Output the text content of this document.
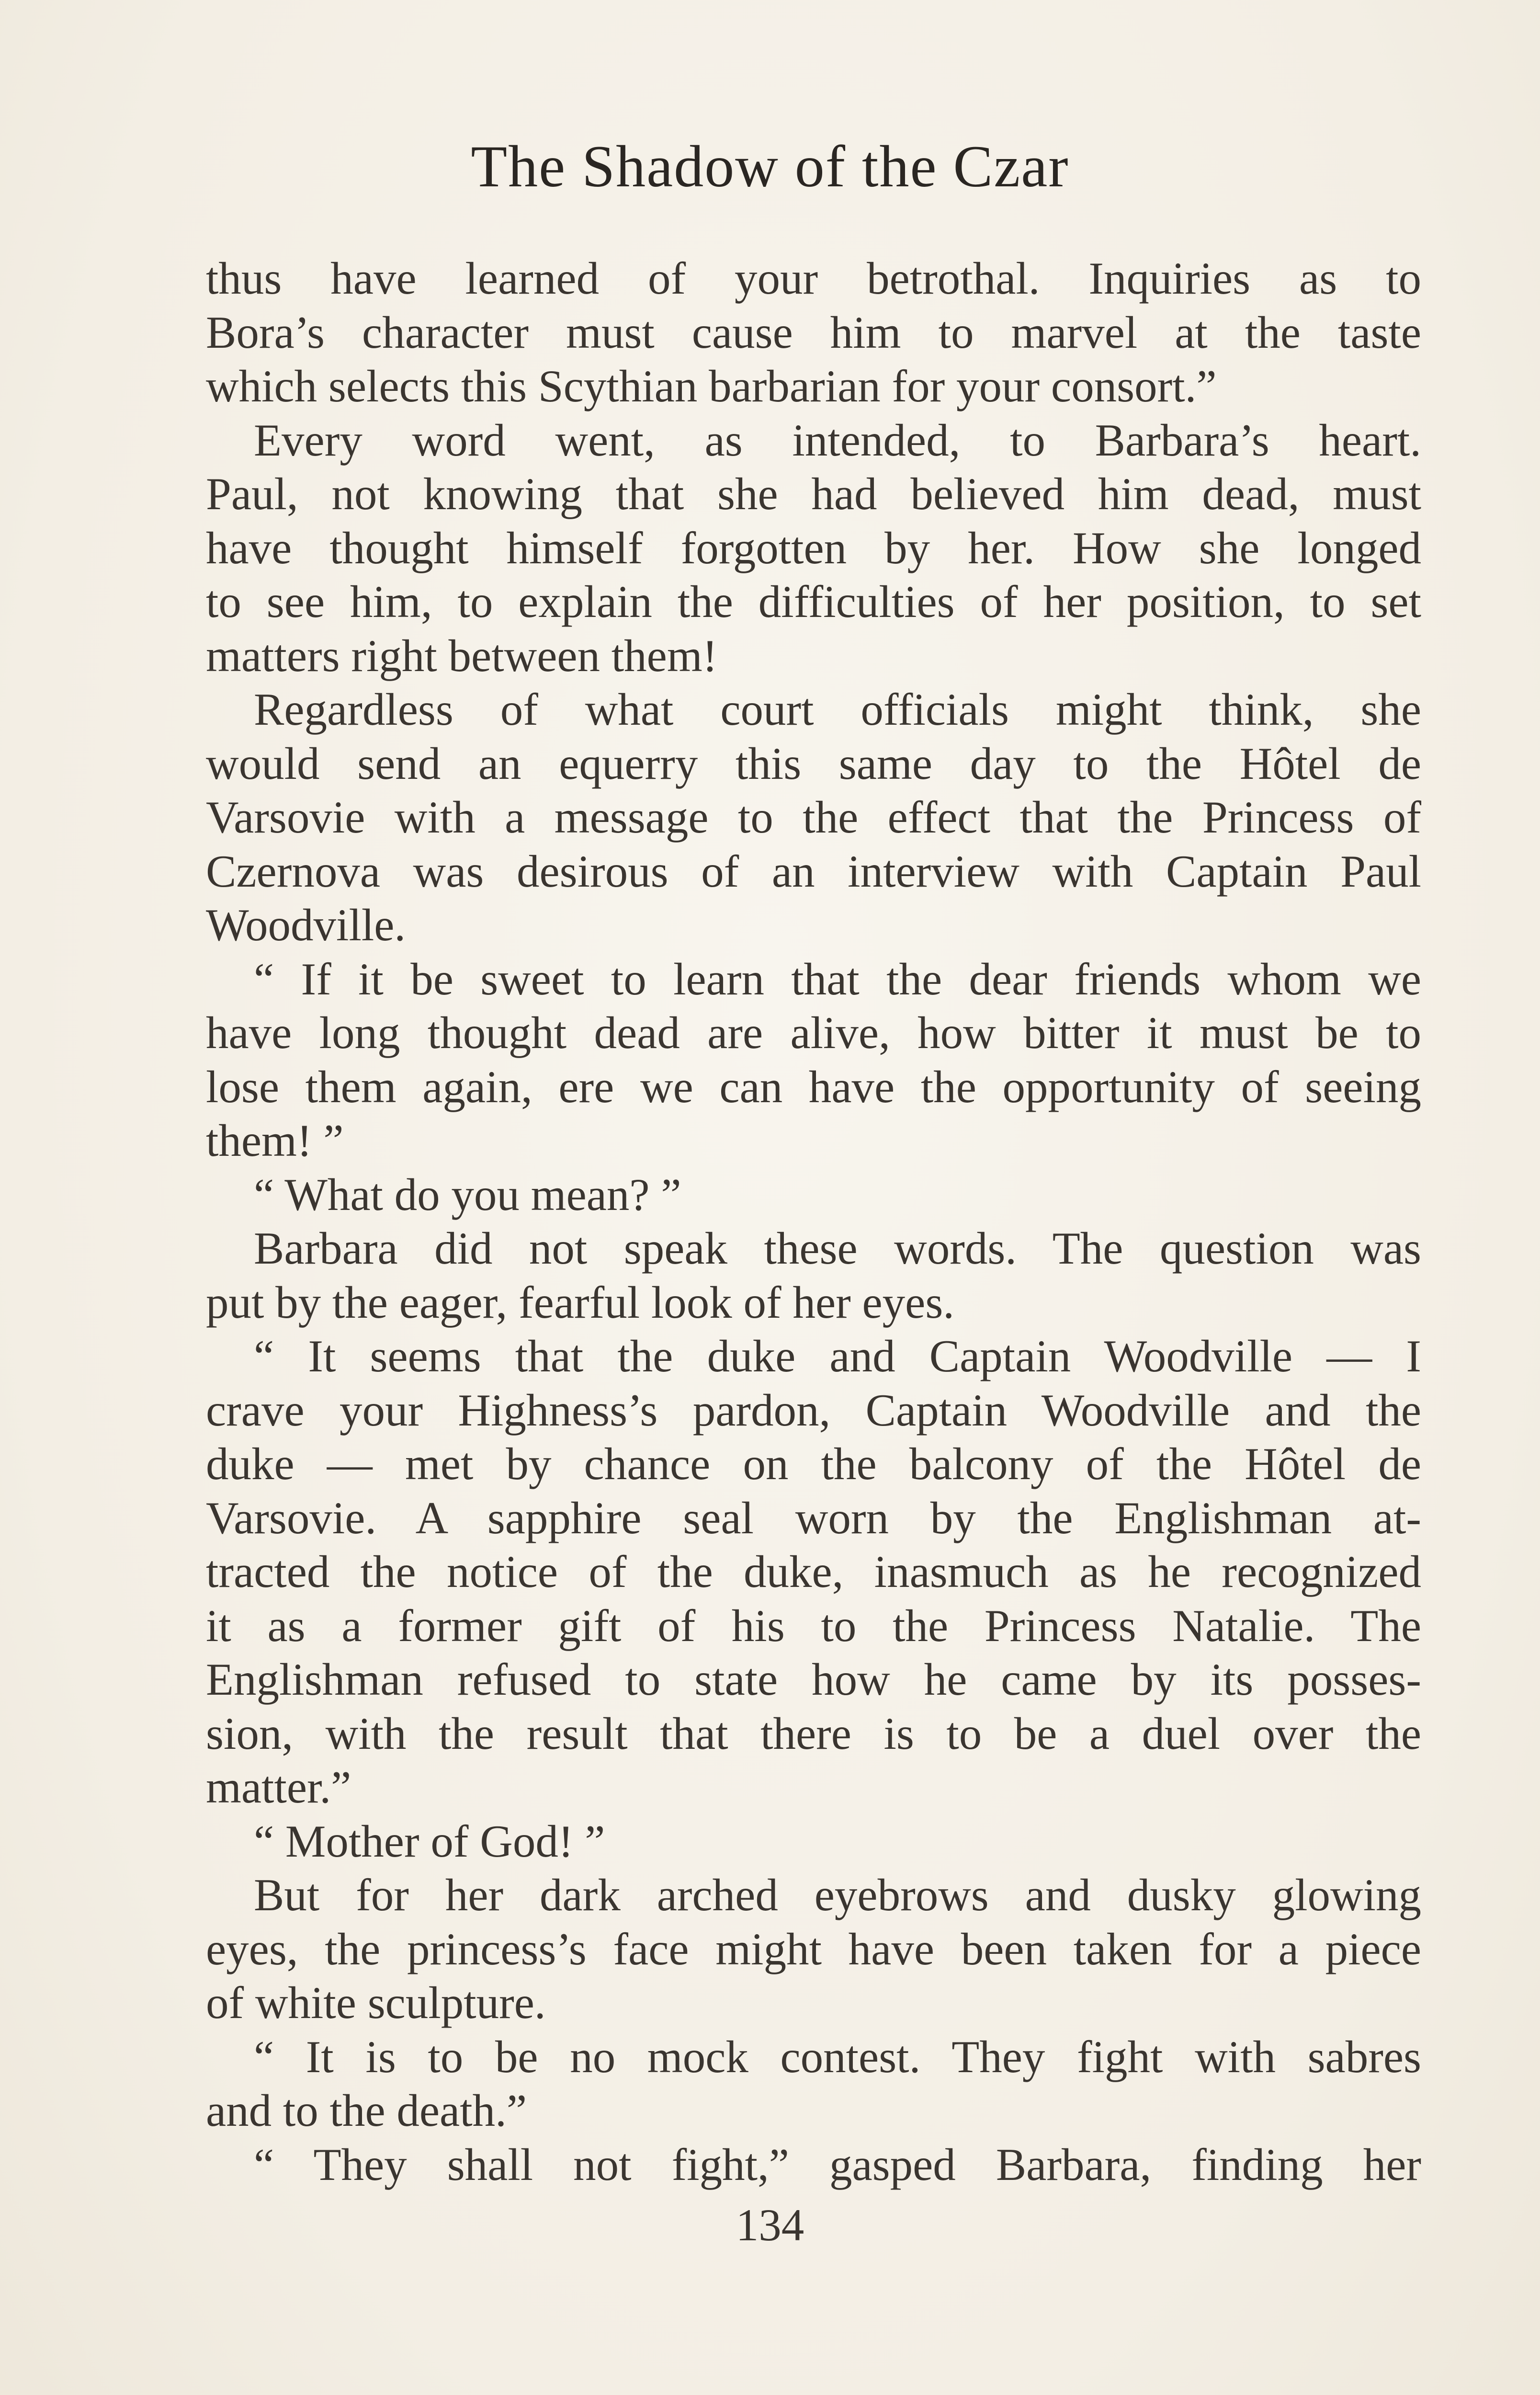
The Shadow of the Czar
thus have learned of your betrothal. Inquiries as to
Bora’s character must cause him to marvel at the taste
which selects this Scythian barbarian for your consort.”
Every word went, as intended, to Barbara’s heart.
Paul, not knowing that she had believed him dead, must
have thought himself forgotten by her. How she longed
to see him, to explain the difficulties of her position, to set
matters right between them!
Regardless of what court officials might think, she
would send an equerry this same day to the Hôtel de
Varsovie with a message to the effect that the Princess of
Czernova was desirous of an interview with Captain Paul
Woodville.
“ If it be sweet to learn that the dear friends whom we
have long thought dead are alive, how bitter it must be to
lose them again, ere we can have the opportunity of seeing
them! ”
“ What do you mean? ”
Barbara did not speak these words. The question was
put by the eager, fearful look of her eyes.
“ It seems that the duke and Captain Woodville — I
crave your Highness’s pardon, Captain Woodville and the
duke — met by chance on the balcony of the Hôtel de
Varsovie. A sapphire seal worn by the Englishman at-
tracted the notice of the duke, inasmuch as he recognized
it as a former gift of his to the Princess Natalie. The
Englishman refused to state how he came by its posses-
sion, with the result that there is to be a duel over the
matter.”
“ Mother of God! ”
But for her dark arched eyebrows and dusky glowing
eyes, the princess’s face might have been taken for a piece
of white sculpture.
“ It is to be no mock contest. They fight with sabres
and to the death.”
“ They shall not fight,” gasped Barbara, finding her
134
